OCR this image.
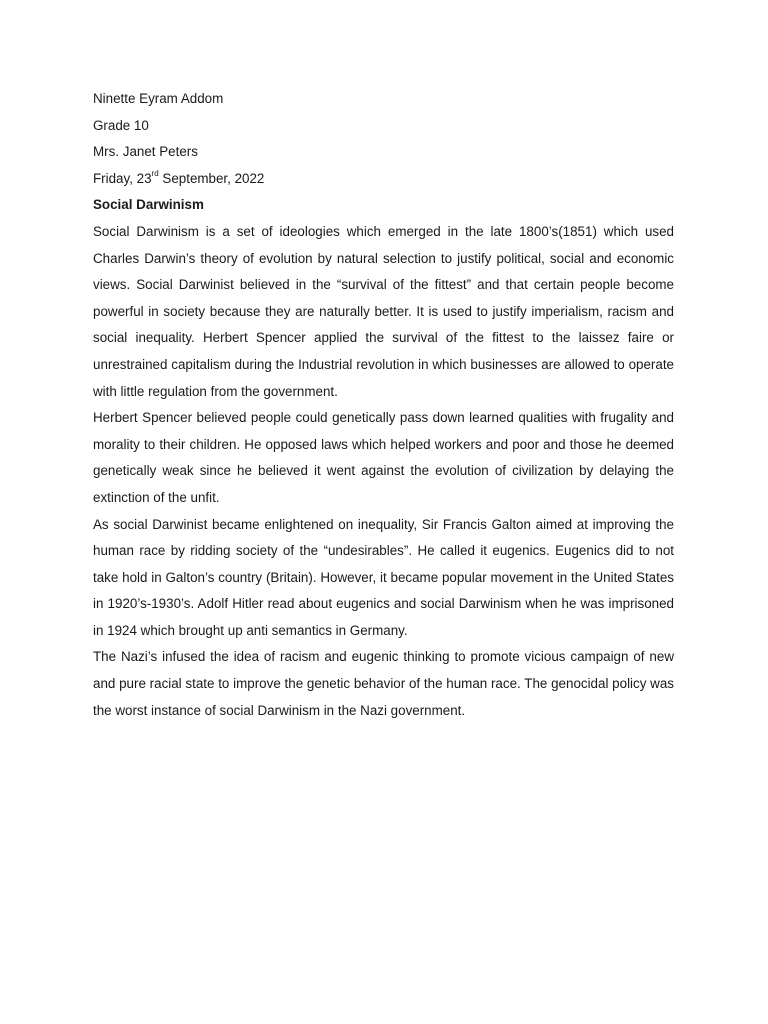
Ninette Eyram Addom

Grade 10

Mrs. Janet Peters

Friday, 23rd September, 2022

Social Darwinism

Social Darwinism is a set of ideologies which emerged in the late 1800’s(1851) which used Charles Darwin’s theory of evolution by natural selection to justify political, social and economic views. Social Darwinist believed in the “survival of the fittest” and that certain people become powerful in society because they are naturally better. It is used to justify imperialism, racism and social inequality. Herbert Spencer applied the survival of the fittest to the laissez faire or unrestrained capitalism during the Industrial revolution in which businesses are allowed to operate with little regulation from the government.

Herbert Spencer believed people could genetically pass down learned qualities with frugality and morality to their children. He opposed laws which helped workers and poor and those he deemed genetically weak since he believed it went against the evolution of civilization by delaying the extinction of the unfit.

As social Darwinist became enlightened on inequality, Sir Francis Galton aimed at improving the human race by ridding society of the “undesirables”. He called it eugenics. Eugenics did to not take hold in Galton’s country (Britain). However, it became popular movement in the United States in 1920’s-1930’s. Adolf Hitler read about eugenics and social Darwinism when he was imprisoned in 1924 which brought up anti semantics in Germany.

The Nazi’s infused the idea of racism and eugenic thinking to promote vicious campaign of new and pure racial state to improve the genetic behavior of the human race. The genocidal policy was the worst instance of social Darwinism in the Nazi government.
